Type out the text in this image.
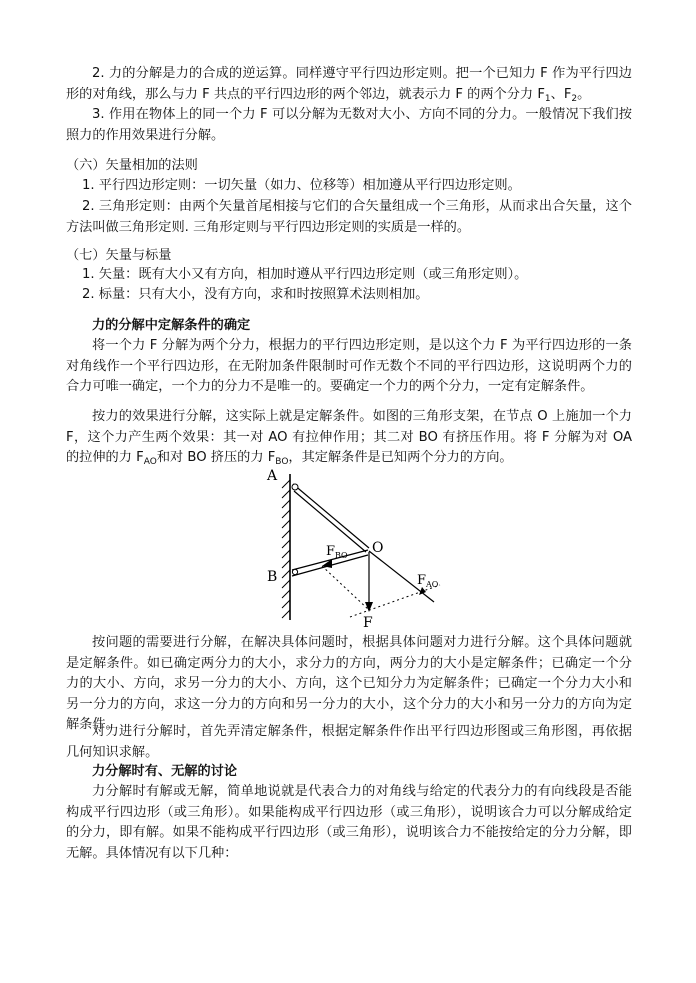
2. 力的分解是力的合成的逆运算。同样遵守平行四边形定则。把一个已知力 F 作为平行四边形的对角线，那么与力 F 共点的平行四边形的两个邻边，就表示力 F 的两个分力 $F_1$、$F_2$。

3. 作用在物体上的同一个力 F 可以分解为无数对大小、方向不同的分力。一般情况下我们按照力的作用效果进行分解。

（六）矢量相加的法则

1. 平行四边形定则：一切矢量（如力、位移等）相加遵从平行四边形定则。

2. 三角形定则：由两个矢量首尾相接与它们的合矢量组成一个三角形，从而求出合矢量，这个方法叫做三角形定则. 三角形定则与平行四边形定则的实质是一样的。

（七）矢量与标量

1. 矢量：既有大小又有方向，相加时遵从平行四边形定则（或三角形定则）。

2. 标量：只有大小，没有方向，求和时按照算术法则相加。

力的分解中定解条件的确定

将一个力 F 分解为两个分力，根据力的平行四边形定则，是以这个力 F 为平行四边形的一条对角线作一个平行四边形，在无附加条件限制时可作无数个不同的平行四边形，这说明两个力的合力可唯一确定，一个力的分力不是唯一的。要确定一个力的两个分力，一定有定解条件。

按力的效果进行分解，这实际上就是定解条件。如图的三角形支架，在节点 O 上施加一个力 F，这个力产生两个效果：其一对 AO 有拉伸作用；其二对 BO 有挤压作用。将 F 分解为对 OA 的拉伸的力 $F_{AO}$和对 BO 挤压的力 $F_{BO}$，其定解条件是已知两个分力的方向。

A
B
O
F
$F_{BO}$
$F_{AO}$

按问题的需要进行分解，在解决具体问题时，根据具体问题对力进行分解。这个具体问题就是定解条件。如已确定两分力的大小，求分力的方向，两分力的大小是定解条件；已确定一个分力的大小、方向，求另一分力的大小、方向，这个已知分力为定解条件；已确定一个分力大小和另一分力的方向，求这一分力的方向和另一分力的大小，这个分力的大小和另一分力的方向为定解条件。

对力进行分解时，首先弄清定解条件，根据定解条件作出平行四边形图或三角形图，再依据几何知识求解。

力分解时有、无解的讨论

力分解时有解或无解，简单地说就是代表合力的对角线与给定的代表分力的有向线段是否能构成平行四边形（或三角形）。如果能构成平行四边形（或三角形），说明该合力可以分解成给定的分力，即有解。如果不能构成平行四边形（或三角形），说明该合力不能按给定的分力分解，即无解。具体情况有以下几种：
